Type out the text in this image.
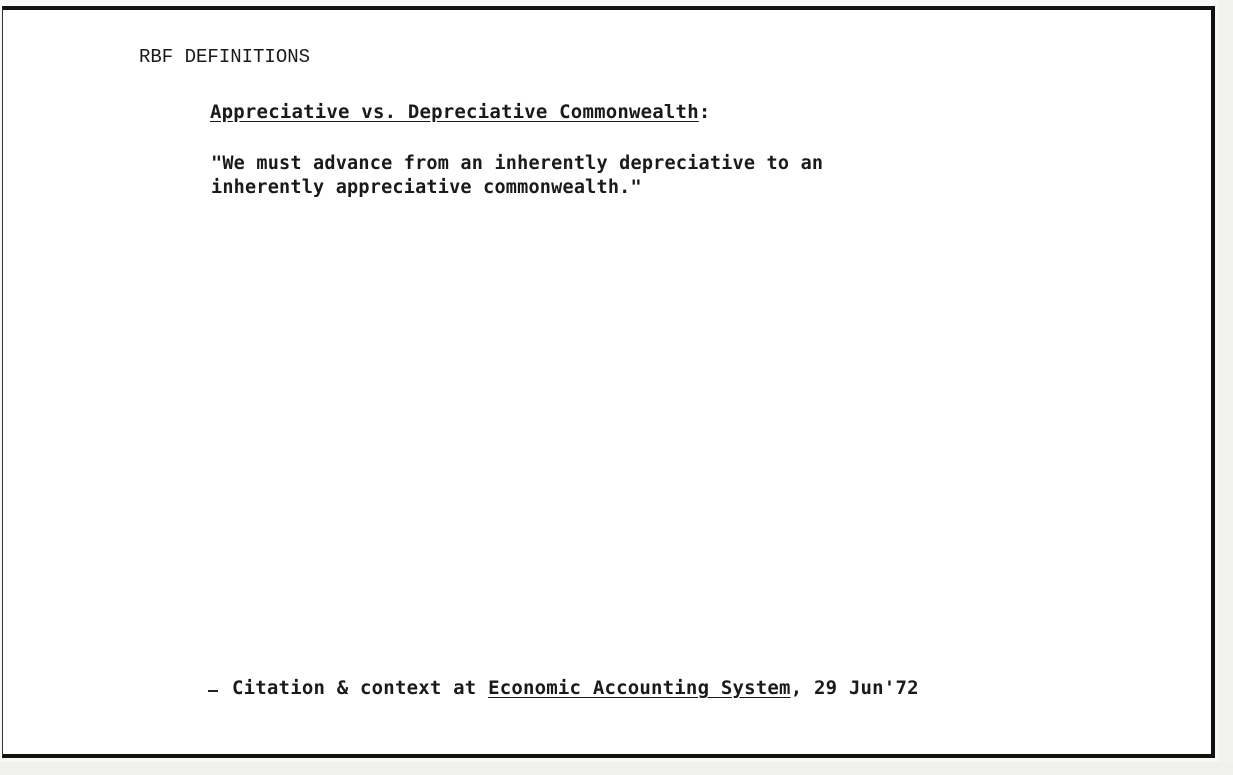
RBF DEFINITIONS
Appreciative vs. Depreciative Commonwealth:
"We must advance from an inherently depreciative to an
inherently appreciative commonwealth."
Citation & context at Economic Accounting System, 29 Jun'72
